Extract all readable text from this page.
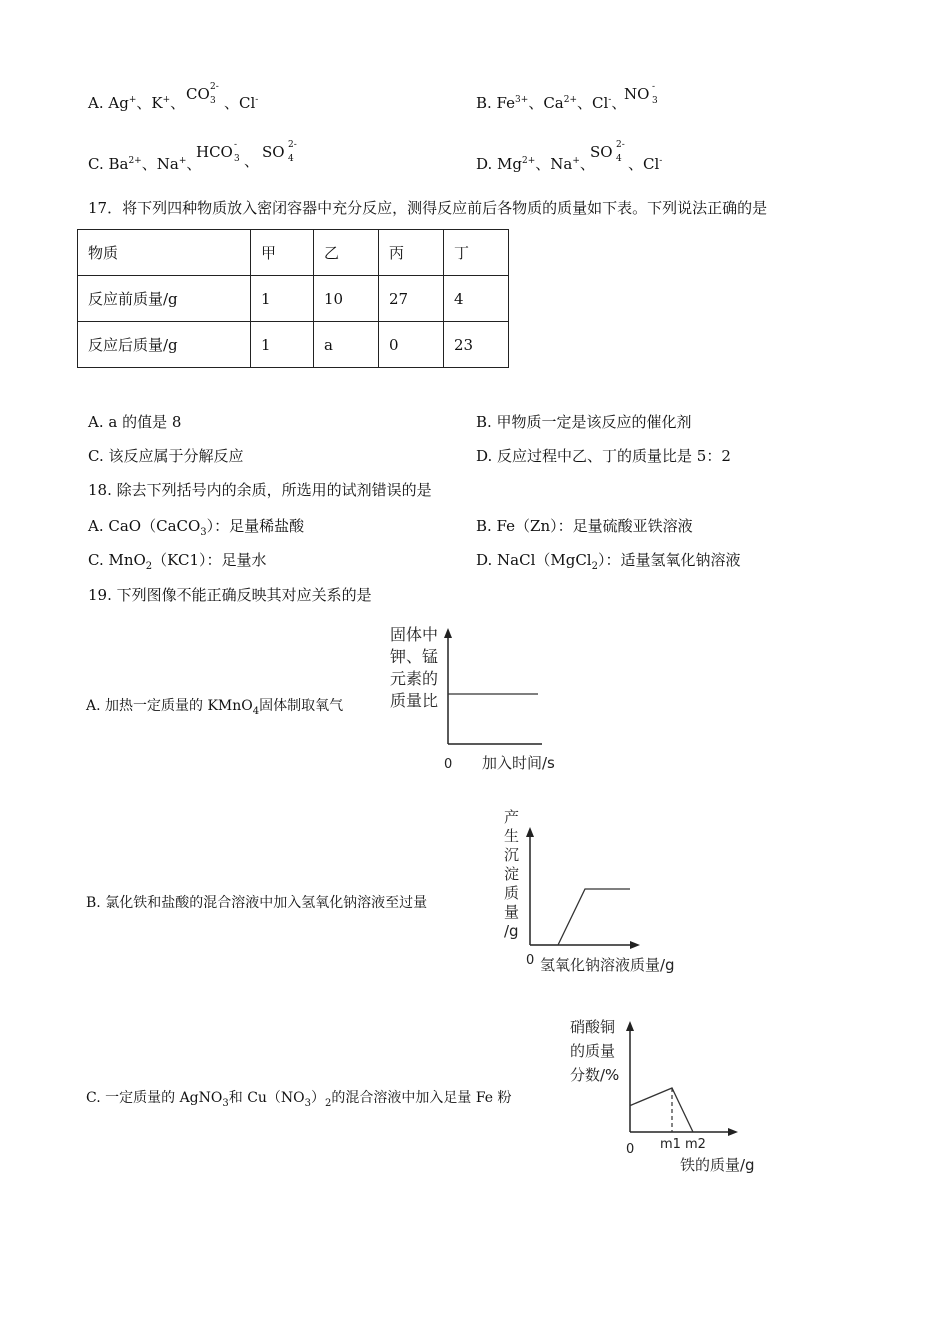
A. Ag+、K+、 CO 2-
3 、Cl-	B. $Fe^{3+}$、$Ca^{2+}$、Cl-、
NO -
3
C. $Ba^{2+}$、Na+、
HCO -
3 、 SO 2-
4	D. $Mg^{2+}$、Na+、
SO 2-
4 、Cl-
17．将下列四种物质放入密闭容器中充分反应，测得反应前后各物质的质量如下表。下列说法正确的是
物质	甲	乙	丙	丁
反应前质量/g	1	10	27	4
反应后质量/g	1	a	0	23
A. a 的值是 8	B. 甲物质一定是该反应的催化剂
C. 该反应属于分解反应	D. 反应过程中乙、丁的质量比是 5：2
18. 除去下列括号内的余质，所选用的试剂错误的是
A. CaO（CaCO$_3$）：足量稀盐酸	B. Fe（Zn）：足量硫酸亚铁溶液
C. MnO$_2$（KC1）：足量水	D. NaCl（MgCl$_2$）：适量氢氧化钠溶液
19. 下列图像不能正确反映其对应关系的是
A. 加热一定质量的 KMnO$_4$固体制取氧气
固体中
钾、锰
元素的
质量比
0 加入时间/s
B. 氯化铁和盐酸的混合溶液中加入氢氧化钠溶液至过量
产
生
沉
淀
质
量
/g
0 氢氧化钠溶液质量/g
C. 一定质量的 AgNO$_3$和 $Cu(NO_3)_2$的混合溶液中加入足量 Fe 粉
硝酸铜
的质量
分数/%
0 m1 m2
铁的质量/g
